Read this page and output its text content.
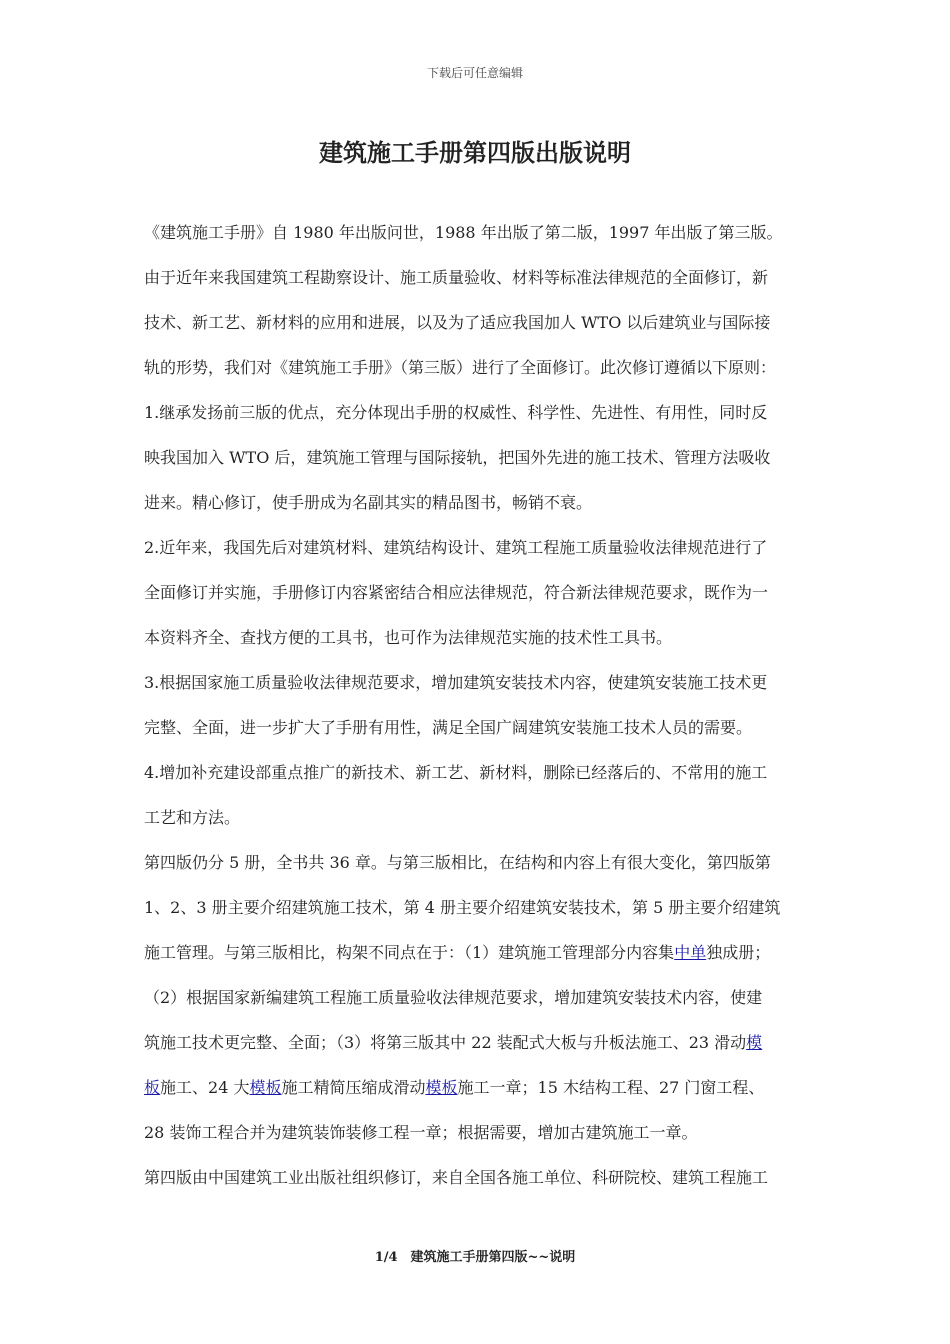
下载后可任意编辑
建筑施工手册第四版出版说明
《建筑施工手册》自 1980 年出版问世，1988 年出版了第二版，1997 年出版了第三版。
由于近年来我国建筑工程勘察设计、施工质量验收、材料等标准法律规范的全面修订，新
技术、新工艺、新材料的应用和进展，以及为了适应我国加人 WTO 以后建筑业与国际接
轨的形势，我们对《建筑施工手册》（第三版）进行了全面修订。此次修订遵循以下原则：
1.继承发扬前三版的优点，充分体现出手册的权威性、科学性、先进性、有用性，同时反
映我国加入 WTO 后，建筑施工管理与国际接轨，把国外先进的施工技术、管理方法吸收
进来。精心修订，使手册成为名副其实的精品图书，畅销不衰。
2.近年来，我国先后对建筑材料、建筑结构设计、建筑工程施工质量验收法律规范进行了
全面修订并实施，手册修订内容紧密结合相应法律规范，符合新法律规范要求，既作为一
本资料齐全、查找方便的工具书，也可作为法律规范实施的技术性工具书。
3.根据国家施工质量验收法律规范要求，增加建筑安装技术内容，使建筑安装施工技术更
完整、全面，进一步扩大了手册有用性，满足全国广阔建筑安装施工技术人员的需要。
4.增加补充建设部重点推广的新技术、新工艺、新材料，删除已经落后的、不常用的施工
工艺和方法。
第四版仍分 5 册，全书共 36 章。与第三版相比，在结构和内容上有很大变化，第四版第
1、2、3 册主要介绍建筑施工技术，第 4 册主要介绍建筑安装技术，第 5 册主要介绍建筑
施工管理。与第三版相比，构架不同点在于：（1）建筑施工管理部分内容集中单独成册；
（2）根据国家新编建筑工程施工质量验收法律规范要求，增加建筑安装技术内容，使建
筑施工技术更完整、全面；（3）将第三版其中 22 装配式大板与升板法施工、23 滑动模
板施工、24 大模板施工精简压缩成滑动模板施工一章；15 木结构工程、27 门窗工程、
28 装饰工程合并为建筑装饰装修工程一章；根据需要，增加古建筑施工一章。
第四版由中国建筑工业出版社组织修订，来自全国各施工单位、科研院校、建筑工程施工
1/4　建筑施工手册第四版~~说明
